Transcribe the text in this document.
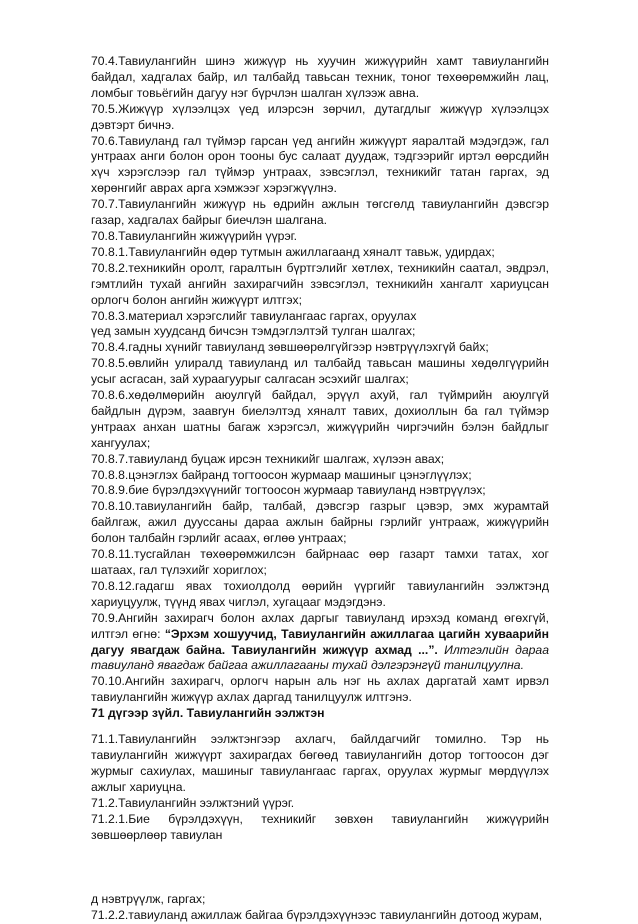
70.4.Тавиулангийн шинэ жижүүр нь хуучин жижүүрийн хамт тавиулангийн байдал, хадгалах байр, ил талбайд тавьсан техник, тоног төхөөрөмжийн лац, ломбыг товьёгийн дагуу нэг бүрчлэн шалган хүлээж авна.

70.5.Жижүүр хүлээлцэх үед илэрсэн зөрчил, дутагдлыг жижүүр хүлээлцэх дэвтэрт бичнэ.

70.6.Тавиуланд гал түймэр гарсан үед ангийн жижүүрт яаралтай мэдэгдэж, гал унтраах анги болон орон тооны бус салаат дуудаж, тэдгээрийг иртэл өөрсдийн хүч хэрэгслээр гал түймэр унтраах, зэвсэглэл, техникийг татан гаргах, эд хөрөнгийг аврах арга хэмжээг хэрэгжүүлнэ.

70.7.Тавиулангийн жижүүр нь өдрийн ажлын төгсгөлд тавиулангийн дэвсгэр газар, хадгалах байрыг биечлэн шалгана.

70.8.Тавиулангийн жижүүрийн үүрэг.

70.8.1.Тавиулангийн өдөр тутмын ажиллагаанд хяналт тавьж, удирдах;

70.8.2.техникийн оролт, гаралтын бүртгэлийг хөтлөх, техникийн саатал, эвдрэл, гэмтлийн тухай ангийн захирагчийн зэвсэглэл, техникийн хангалт хариуцсан орлогч болон ангийн жижүүрт илтгэх;

70.8.3.материал хэрэгслийг тавиулангаас гаргах, оруулах

үед замын хуудсанд бичсэн тэмдэглэлтэй тулган шалгах;

70.8.4.гадны хүнийг тавиуланд зөвшөөрөлгүйгээр нэвтрүүлэхгүй байх;

70.8.5.өвлийн улиралд тавиуланд ил талбайд тавьсан машины хөдөлгүүрийн усыг асгасан, зай хураагуурыг салгасан эсэхийг шалгах;

70.8.6.хөдөлмөрийн аюулгүй байдал, эрүүл ахуй, гал түймрийн аюулгүй байдлын дүрэм, заавryн биелэлтэд хяналт тавих, дохиоллын ба гал түймэр унтраах анхан шатны багаж хэрэгсэл, жижүүрийн чиргэчийн бэлэн байдлыг хангуулах;

70.8.7.тавиуланд буцаж ирсэн техникийг шалгаж, хүлээн авах;

70.8.8.цэнэглэх байранд тогтоосон журмаар машиныг цэнэглүүлэх;

70.8.9.бие бүрэлдэхүүнийг тогтоосон журмаар тавиуланд нэвтрүүлэх;

70.8.10.тавиулангийн байр, талбай, дэвсгэр газрыг цэвэр, эмх журамтай байлгаж, ажил дууссаны дараа ажлын байрны гэрлийг унтрааж, жижүүрийн болон талбайн гэрлийг асаах, өглөө унтраах;

70.8.11.тусгайлан төхөөрөмжилсэн байрнаас өөр газарт тамхи татах, хог шатаах, гал түлэхийг хориглох;

70.8.12.гадагш явах тохиолдолд өөрийн үүргийг тавиулангийн ээлжтэнд хариуцуулж, түүнд явах чиглэл, хугацааг мэдэгдэнэ.

70.9.Ангийн захирагч болон ахлах даргыг тавиуланд ирэхэд команд өгөхгүй, илтгэл өгнө: “Эрхэм хошуучид, Тавиулангийн ажиллагаа цагийн хуваарийн дагуу явагдаж байна. Тавиулангийн жижүүр ахмад ...”. Илтгэлийн дараа тавиуланд явагдаж байгаа ажиллагааны тухай дэлгэрэнгүй танилцуулна.

70.10.Ангийн захирагч, орлогч нарын аль нэг нь ахлах даргатай хамт ирвэл тавиулангийн жижүүр ахлах даргад танилцуулж илтгэнэ.

71 дүгээр зүйл. Тавиулангийн ээлжтэн

71.1.Тавиулангийн ээлжтэнгээр ахлагч, байлдагчийг томилно. Тэр нь тавиулангийн жижүүрт захирагдах бөгөөд тавиулангийн дотор тогтоосон дэг журмыг сахиулах, машиныг тавиулангаас гаргах, оруулах журмыг мөрдүүлэх ажлыг хариуцна.

71.2.Тавиулангийн ээлжтэний үүрэг.

71.2.1.Бие бүрэлдэхүүн, техникийг зөвхөн тавиулангийн жижүүрийн зөвшөөрлөөр тавиулан

д нэвтрүүлж, гаргах;

71.2.2.тавиуланд ажиллаж байгаа бүрэлдэхүүнээс тавиулангийн дотоод журам,
